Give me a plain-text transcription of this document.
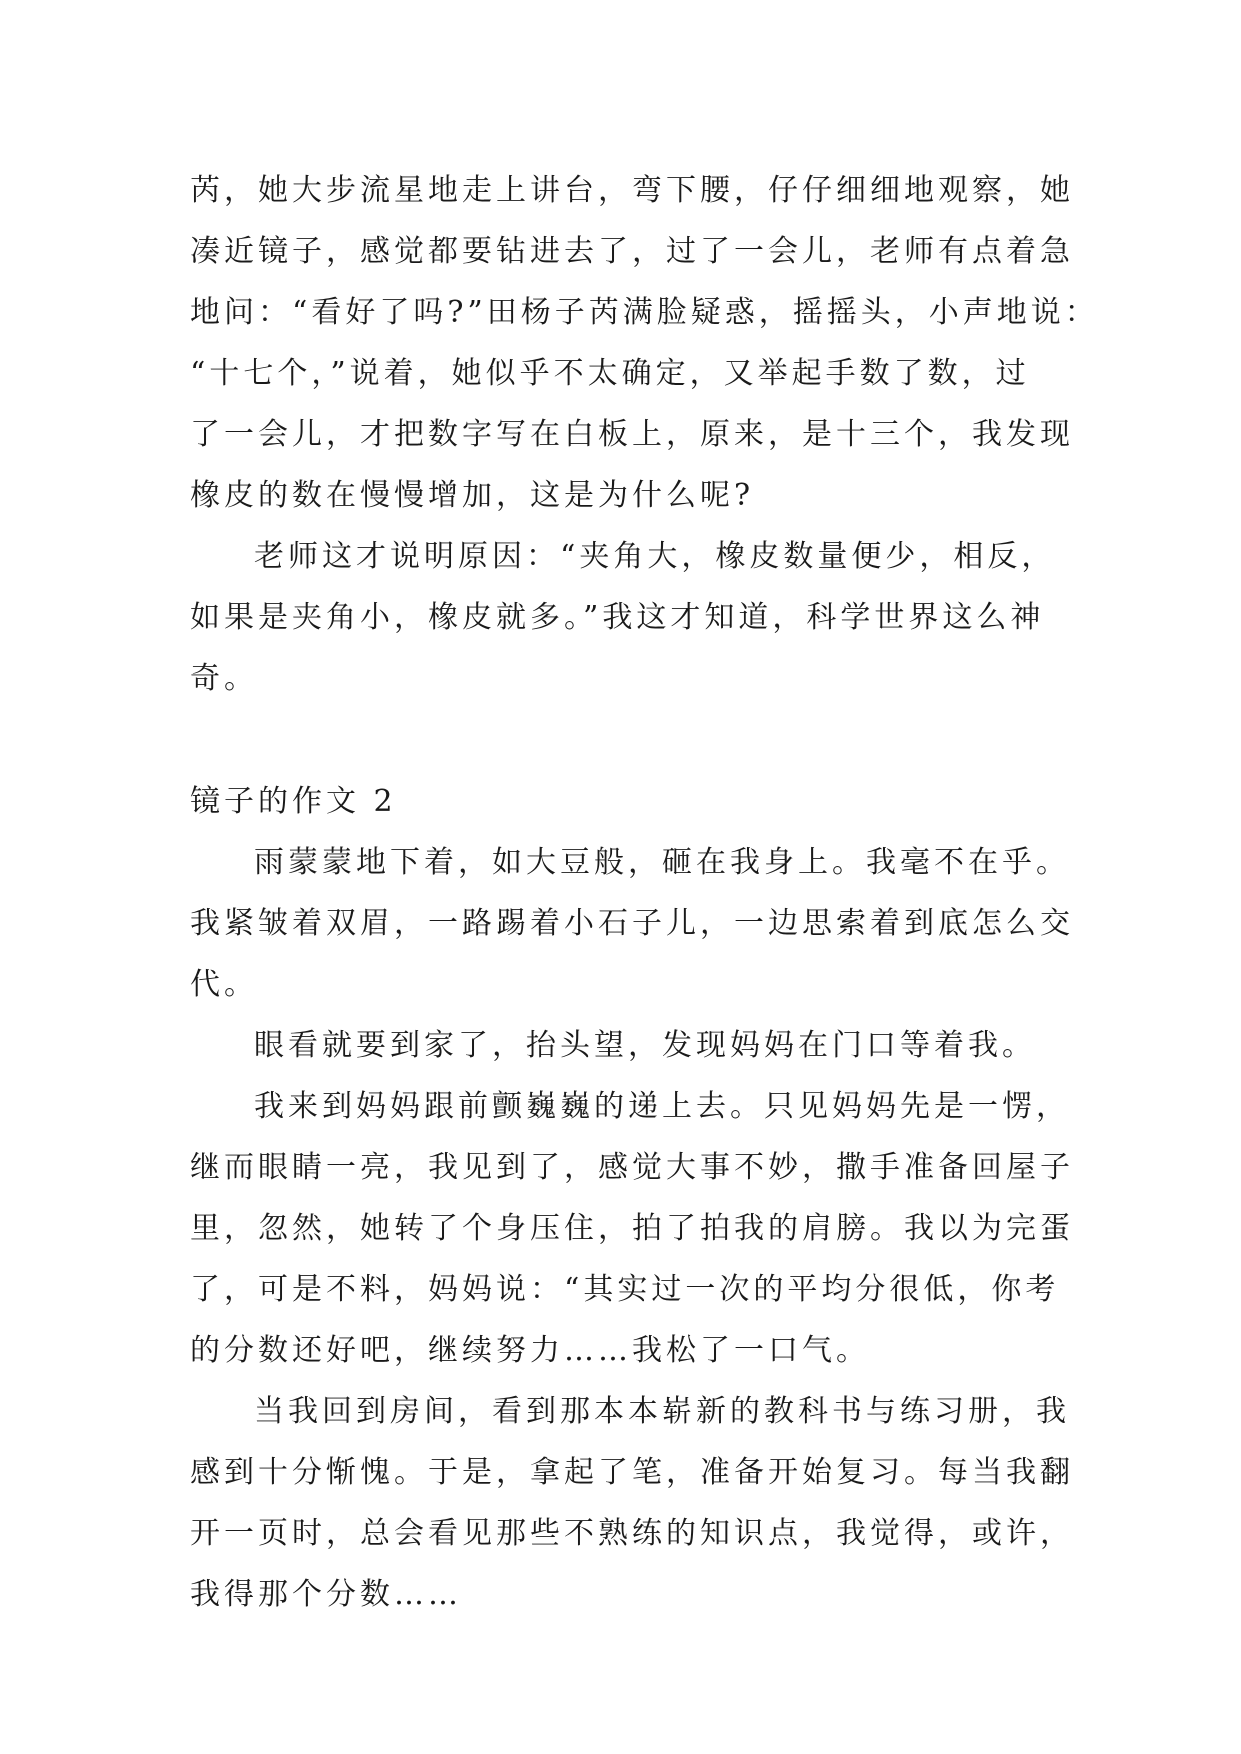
芮，她大步流星地走上讲台，弯下腰，仔仔细细地观察，她
凑近镜子，感觉都要钻进去了，过了一会儿，老师有点着急
地问：“看好了吗?”田杨子芮满脸疑惑，摇摇头，小声地说：
“十七个，”说着，她似乎不太确定，又举起手数了数，过
了一会儿，才把数字写在白板上，原来，是十三个，我发现
橡皮的数在慢慢增加，这是为什么呢?
老师这才说明原因：“夹角大，橡皮数量便少，相反，
如果是夹角小，橡皮就多。”我这才知道，科学世界这么神
奇。
镜子的作文 2
雨蒙蒙地下着，如大豆般，砸在我身上。我毫不在乎。
我紧皱着双眉，一路踢着小石子儿，一边思索着到底怎么交
代。
眼看就要到家了，抬头望，发现妈妈在门口等着我。
我来到妈妈跟前颤巍巍的递上去。只见妈妈先是一愣，
继而眼睛一亮，我见到了，感觉大事不妙，撒手准备回屋子
里，忽然，她转了个身压住，拍了拍我的肩膀。我以为完蛋
了，可是不料，妈妈说：“其实过一次的平均分很低，你考
的分数还好吧，继续努力……我松了一口气。
当我回到房间，看到那本本崭新的教科书与练习册，我
感到十分惭愧。于是，拿起了笔，准备开始复习。每当我翻
开一页时，总会看见那些不熟练的知识点，我觉得，或许，
我得那个分数……
